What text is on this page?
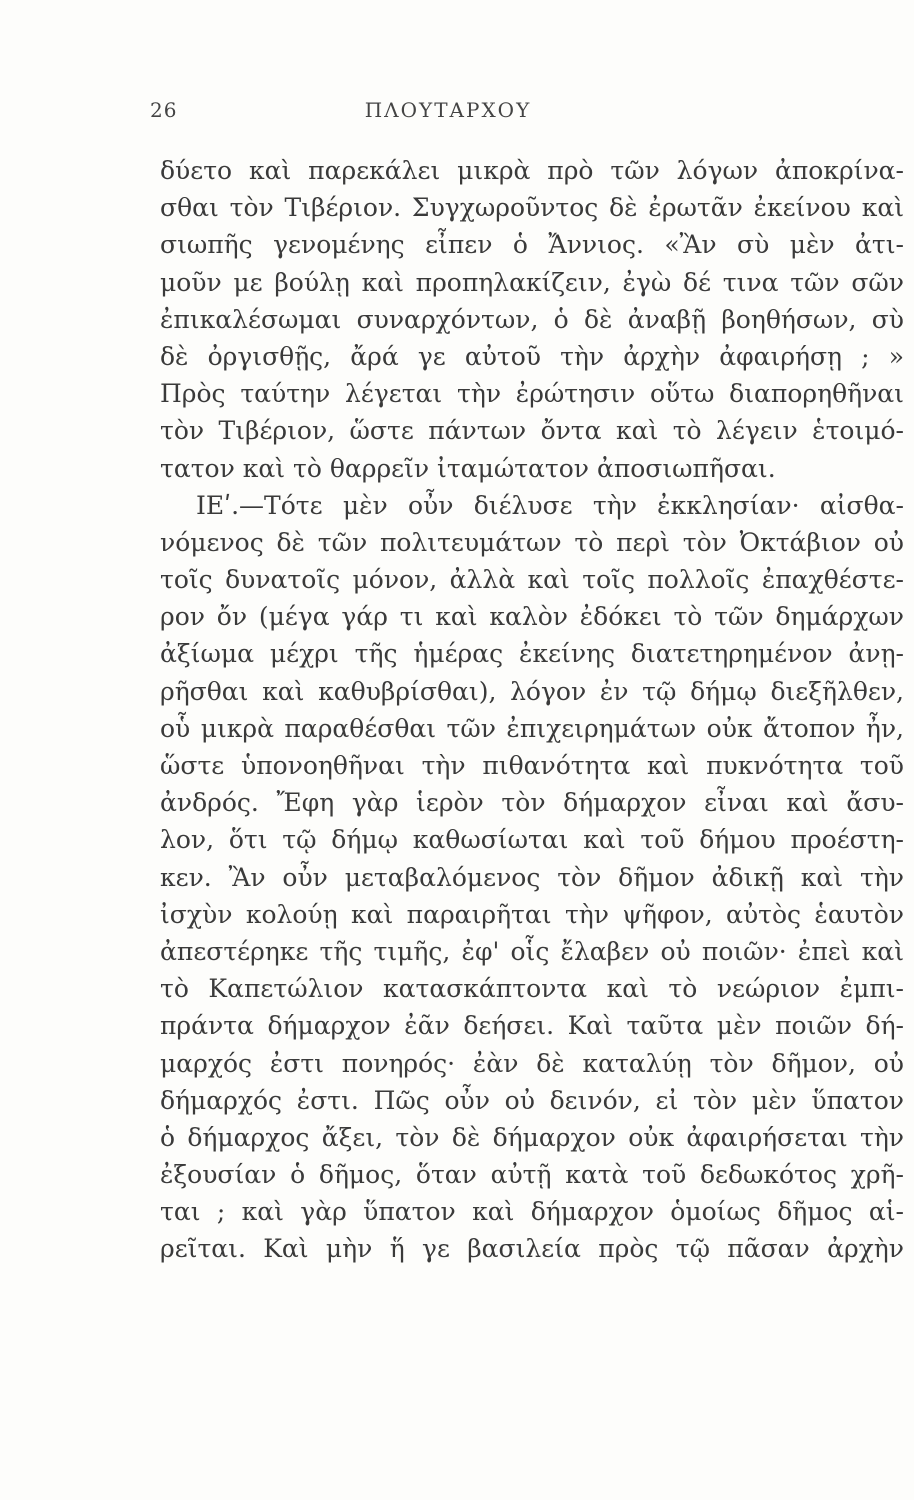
26	ΠΛΟΥΤΑΡΧΟΥ
δύετο καὶ παρεκάλει μικρὰ πρὸ τῶν λόγων ἀποκρίνα-
σθαι τὸν Τιβέριον. Συγχωροῦντος δὲ ἐρωτᾶν ἐκείνου καὶ
σιωπῆς γενομένης εἶπεν ὁ Ἄννιος. «Ἂν σὺ μὲν ἀτι-
μοῦν με βούλῃ καὶ προπηλακίζειν, ἐγὼ δέ τινα τῶν σῶν
ἐπικαλέσωμαι συναρχόντων, ὁ δὲ ἀναβῇ βοηθήσων, σὺ
δὲ ὀργισθῇς, ἄρά γε αὐτοῦ τὴν ἀρχὴν ἀφαιρήσῃ ; »
Πρὸς ταύτην λέγεται τὴν ἐρώτησιν οὕτω διαπορηθῆναι
τὸν Τιβέριον, ὥστε πάντων ὄντα καὶ τὸ λέγειν ἑτοιμό-
τατον καὶ τὸ θαρρεῖν ἰταμώτατον ἀποσιωπῆσαι.
ΙΕʹ.—Τότε μὲν οὖν διέλυσε τὴν ἐκκλησίαν· αἰσθα-
νόμενος δὲ τῶν πολιτευμάτων τὸ περὶ τὸν Ὀκτάβιον οὐ
τοῖς δυνατοῖς μόνον, ἀλλὰ καὶ τοῖς πολλοῖς ἐπαχθέστε-
ρον ὄν (μέγα γάρ τι καὶ καλὸν ἐδόκει τὸ τῶν δημάρχων
ἀξίωμα μέχρι τῆς ἡμέρας ἐκείνης διατετηρημένον ἀνῃ-
ρῆσθαι καὶ καθυβρίσθαι), λόγον ἐν τῷ δήμῳ διεξῆλθεν,
οὗ μικρὰ παραθέσθαι τῶν ἐπιχειρημάτων οὐκ ἄτοπον ἦν,
ὥστε ὑπονοηθῆναι τὴν πιθανότητα καὶ πυκνότητα τοῦ
ἀνδρός. Ἔφη γὰρ ἱερὸν τὸν δήμαρχον εἶναι καὶ ἄσυ-
λον, ὅτι τῷ δήμῳ καθωσίωται καὶ τοῦ δήμου προέστη-
κεν. Ἂν οὖν μεταβαλόμενος τὸν δῆμον ἀδικῇ καὶ τὴν
ἰσχὺν κολούῃ καὶ παραιρῆται τὴν ψῆφον, αὐτὸς ἑαυτὸν
ἀπεστέρηκε τῆς τιμῆς, ἐφ' οἷς ἔλαβεν οὐ ποιῶν· ἐπεὶ καὶ
τὸ Καπετώλιον κατασκάπτοντα καὶ τὸ νεώριον ἐμπι-
πράντα δήμαρχον ἐᾶν δεήσει. Καὶ ταῦτα μὲν ποιῶν δή-
μαρχός ἐστι πονηρός· ἐὰν δὲ καταλύῃ τὸν δῆμον, οὐ
δήμαρχός ἐστι. Πῶς οὖν οὐ δεινόν, εἰ τὸν μὲν ὕπατον
ὁ δήμαρχος ἄξει, τὸν δὲ δήμαρχον οὐκ ἀφαιρήσεται τὴν
ἐξουσίαν ὁ δῆμος, ὅταν αὐτῇ κατὰ τοῦ δεδωκότος χρῆ-
ται ; καὶ γὰρ ὕπατον καὶ δήμαρχον ὁμοίως δῆμος αἱ-
ρεῖται. Καὶ μὴν ἥ γε βασιλεία πρὸς τῷ πᾶσαν ἀρχὴν
